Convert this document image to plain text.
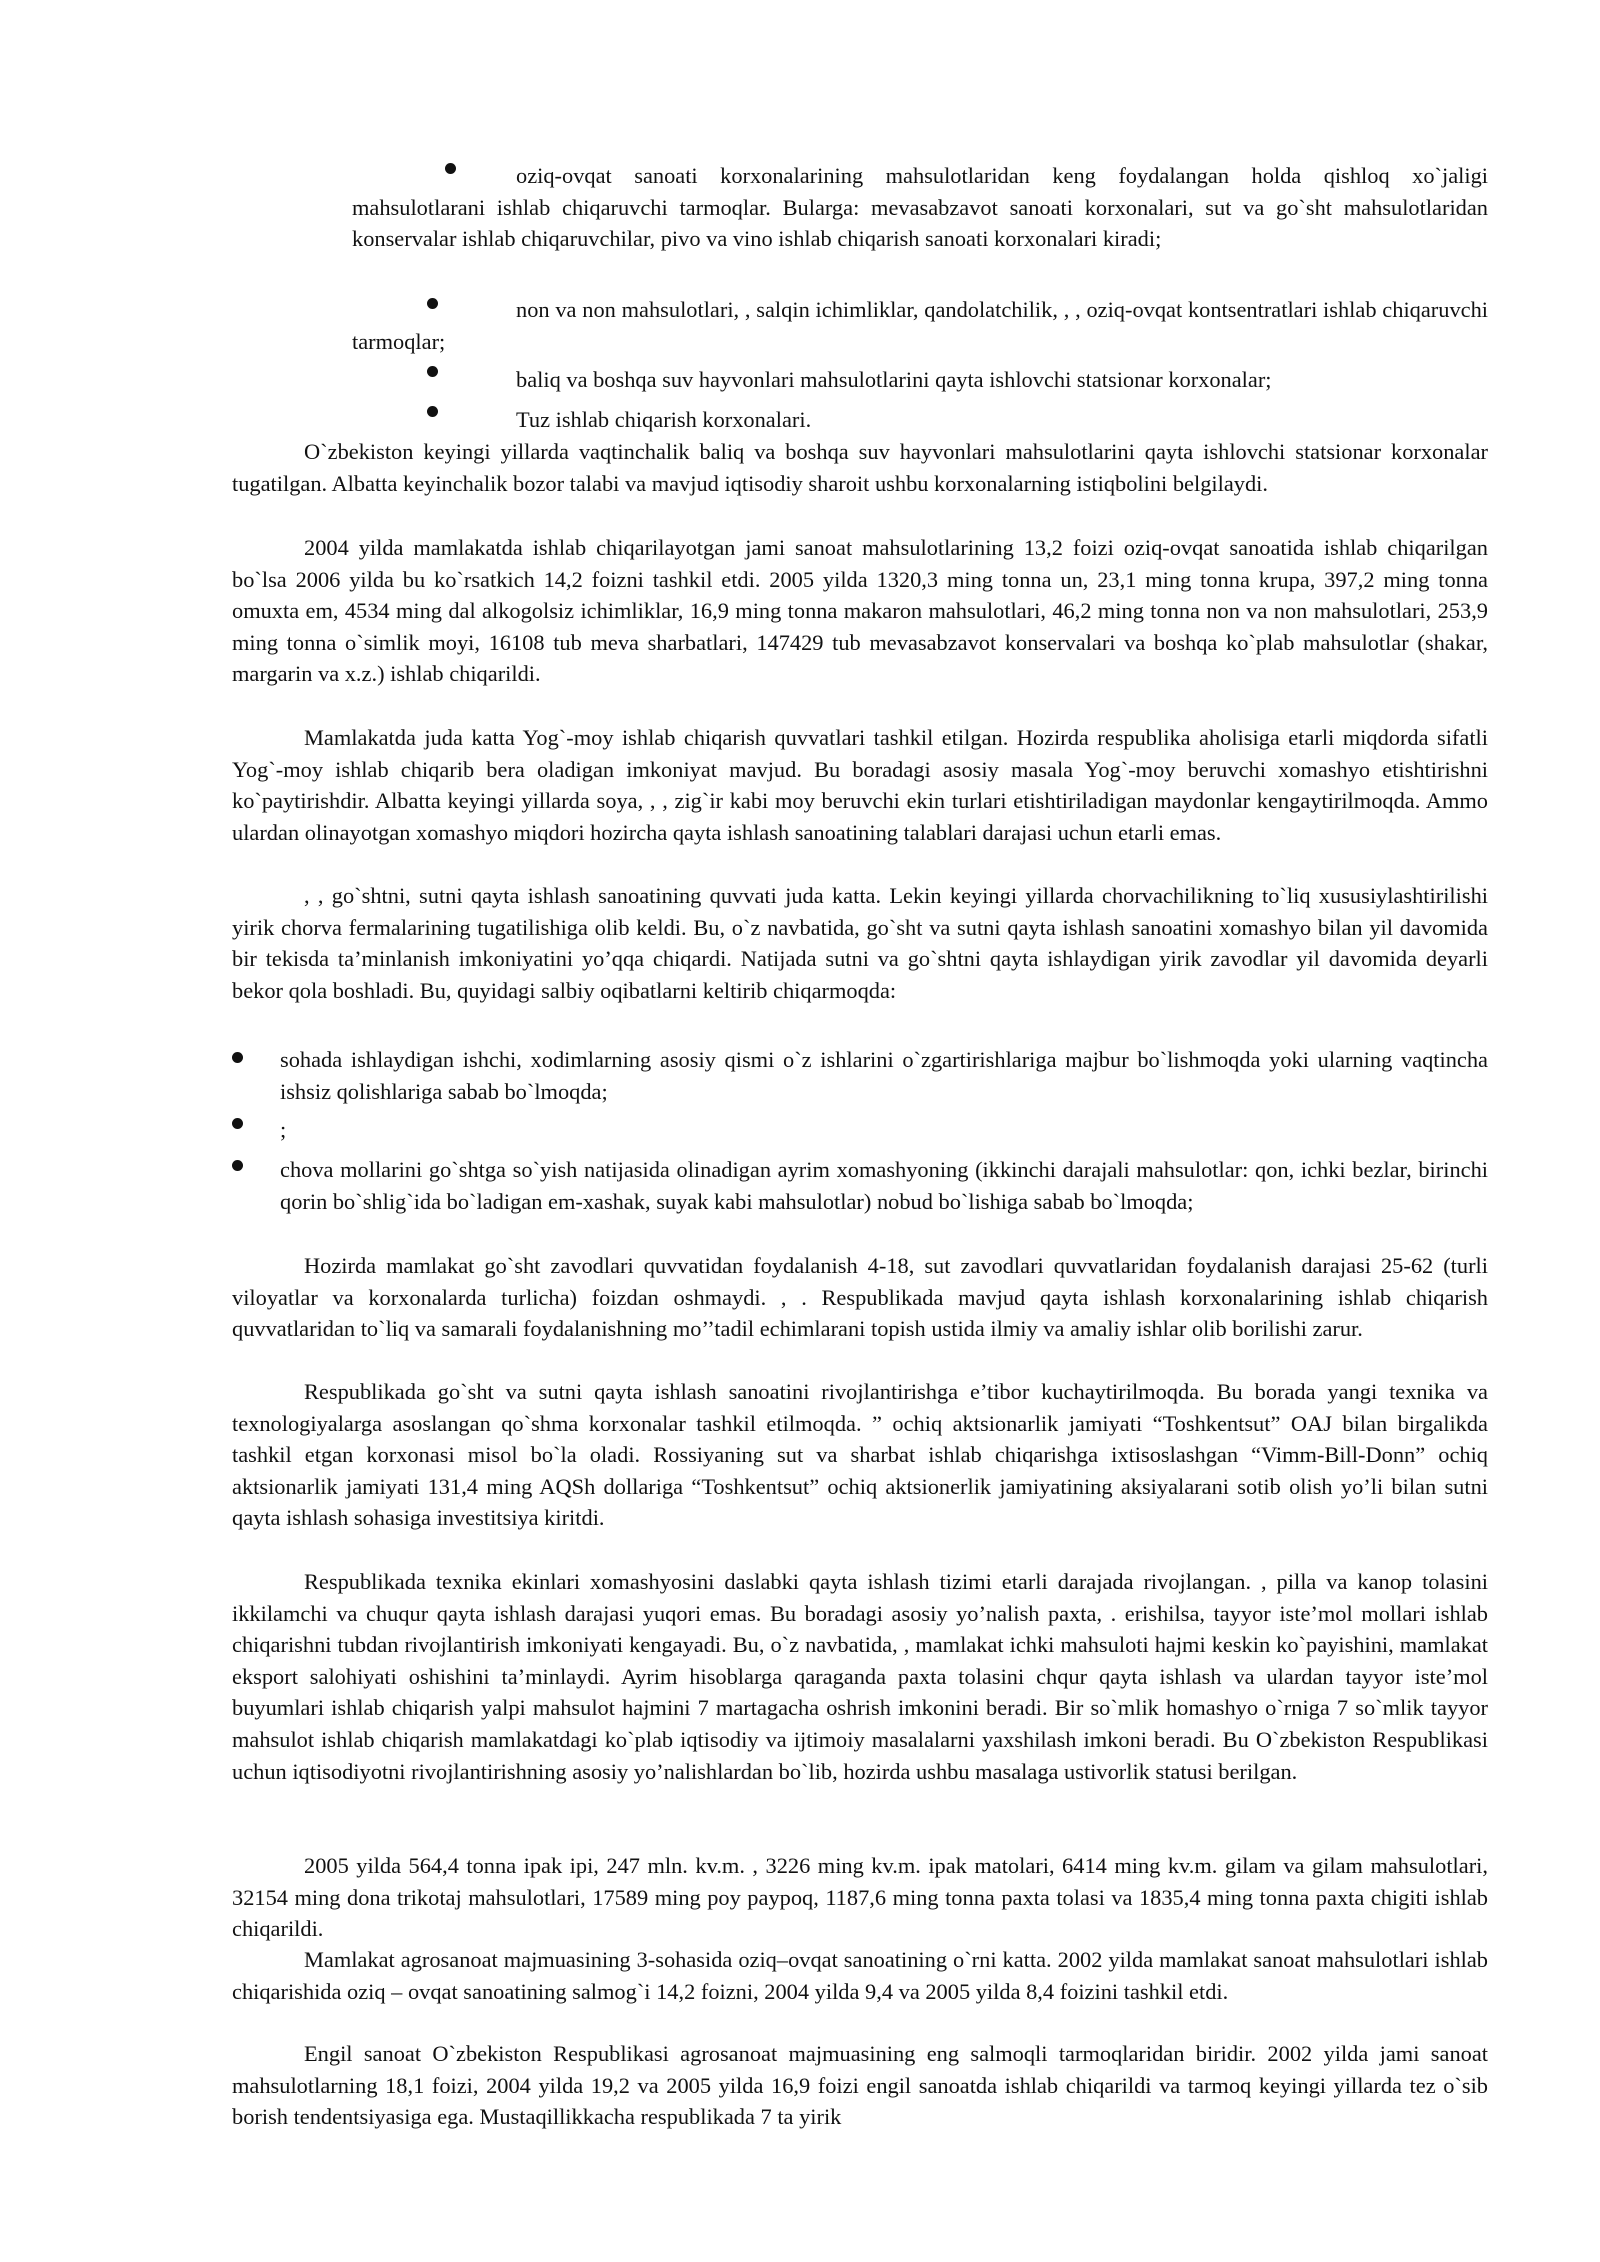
oziq-ovqat sanoati korxonalarining mahsulotlaridan keng foydalangan holda qishloq xo`jaligi mahsulotlarani ishlab chiqaruvchi tarmoqlar. Bularga: mevasabzavot sanoati korxonalari, sut va go`sht mahsulotlaridan konservalar ishlab chiqaruvchilar, pivo va vino ishlab chiqarish sanoati korxonalari kiradi;

non va non mahsulotlari, , salqin ichimliklar, qandolatchilik, , , oziq-ovqat kontsentratlari ishlab chiqaruvchi tarmoqlar;

baliq va boshqa suv hayvonlari mahsulotlarini qayta ishlovchi statsionar korxonalar;

Tuz ishlab chiqarish korxonalari.

O`zbekiston keyingi yillarda vaqtinchalik baliq va boshqa suv hayvonlari mahsulotlarini qayta ishlovchi statsionar korxonalar tugatilgan. Albatta keyinchalik bozor talabi va mavjud iqtisodiy sharoit ushbu korxonalarning istiqbolini belgilaydi.

2004 yilda mamlakatda ishlab chiqarilayotgan jami sanoat mahsulotlarining 13,2 foizi oziq-ovqat sanoatida ishlab chiqarilgan bo`lsa 2006 yilda bu ko`rsatkich 14,2 foizni tashkil etdi. 2005 yilda 1320,3 ming tonna un, 23,1 ming tonna krupa, 397,2 ming tonna omuxta em, 4534 ming dal alkogolsiz ichimliklar, 16,9 ming tonna makaron mahsulotlari, 46,2 ming tonna non va non mahsulotlari, 253,9 ming tonna o`simlik moyi, 16108 tub meva sharbatlari, 147429 tub mevasabzavot konservalari va boshqa ko`plab mahsulotlar (shakar, margarin va x.z.) ishlab chiqarildi.

Mamlakatda juda katta Yog`-moy ishlab chiqarish quvvatlari tashkil etilgan. Hozirda respublika aholisiga etarli miqdorda sifatli Yog`-moy ishlab chiqarib bera oladigan imkoniyat mavjud. Bu boradagi asosiy masala Yog`-moy beruvchi xomashyo etishtirishni ko`paytirishdir. Albatta keyingi yillarda soya, , , zig`ir kabi moy beruvchi ekin turlari etishtiriladigan maydonlar kengaytirilmoqda. Ammo ulardan olinayotgan xomashyo miqdori hozircha qayta ishlash sanoatining talablari darajasi uchun etarli emas.

, , go`shtni, sutni qayta ishlash sanoatining quvvati juda katta. Lekin keyingi yillarda chorvachilikning to`liq xususiylashtirilishi yirik chorva fermalarining tugatilishiga olib keldi. Bu, o`z navbatida, go`sht va sutni qayta ishlash sanoatini xomashyo bilan yil davomida bir tekisda ta’minlanish imkoniyatini yo’qqa chiqardi. Natijada sutni va go`shtni qayta ishlaydigan yirik zavodlar yil davomida deyarli bekor qola boshladi. Bu, quyidagi salbiy oqibatlarni keltirib chiqarmoqda:

sohada ishlaydigan ishchi, xodimlarning asosiy qismi o`z ishlarini o`zgartirishlariga majbur bo`lishmoqda yoki ularning vaqtincha ishsiz qolishlariga sabab bo`lmoqda;

;

chova mollarini go`shtga so`yish natijasida olinadigan ayrim xomashyoning (ikkinchi darajali mahsulotlar: qon, ichki bezlar, birinchi qorin bo`shlig`ida bo`ladigan em-xashak, suyak kabi mahsulotlar) nobud bo`lishiga sabab bo`lmoqda;

Hozirda mamlakat go`sht zavodlari quvvatidan foydalanish 4-18, sut zavodlari quvvatlaridan foydalanish darajasi 25-62 (turli viloyatlar va korxonalarda turlicha) foizdan oshmaydi. , . Respublikada mavjud qayta ishlash korxonalarining ishlab chiqarish quvvatlaridan to`liq va samarali foydalanishning mo’’tadil echimlarani topish ustida ilmiy va amaliy ishlar olib borilishi zarur.

Respublikada go`sht va sutni qayta ishlash sanoatini rivojlantirishga e’tibor kuchaytirilmoqda. Bu borada yangi texnika va texnologiyalarga asoslangan qo`shma korxonalar tashkil etilmoqda. ” ochiq aktsionarlik jamiyati “Toshkentsut” OAJ bilan birgalikda tashkil etgan korxonasi misol bo`la oladi. Rossiyaning sut va sharbat ishlab chiqarishga ixtisoslashgan “Vimm-Bill-Donn” ochiq aktsionarlik jamiyati 131,4 ming AQSh dollariga “Toshkentsut” ochiq aktsionerlik jamiyatining aksiyalarani sotib olish yo’li bilan sutni qayta ishlash sohasiga investitsiya kiritdi.

Respublikada texnika ekinlari xomashyosini daslabki qayta ishlash tizimi etarli darajada rivojlangan. , pilla va kanop tolasini ikkilamchi va chuqur qayta ishlash darajasi yuqori emas. Bu boradagi asosiy yo’nalish paxta, . erishilsa, tayyor iste’mol mollari ishlab chiqarishni tubdan rivojlantirish imkoniyati kengayadi. Bu, o`z navbatida, , mamlakat ichki mahsuloti hajmi keskin ko`payishini, mamlakat eksport salohiyati oshishini ta’minlaydi. Ayrim hisoblarga qaraganda paxta tolasini chqur qayta ishlash va ulardan tayyor iste’mol buyumlari ishlab chiqarish yalpi mahsulot hajmini 7 martagacha oshrish imkonini beradi. Bir so`mlik homashyo o`rniga 7 so`mlik tayyor mahsulot ishlab chiqarish mamlakatdagi ko`plab iqtisodiy va ijtimoiy masalalarni yaxshilash imkoni beradi. Bu O`zbekiston Respublikasi uchun iqtisodiyotni rivojlantirishning asosiy yo’nalishlardan bo`lib, hozirda ushbu masalaga ustivorlik statusi berilgan.

2005 yilda 564,4 tonna ipak ipi, 247 mln. kv.m. , 3226 ming kv.m. ipak matolari, 6414 ming kv.m. gilam va gilam mahsulotlari, 32154 ming dona trikotaj mahsulotlari, 17589 ming poy paypoq, 1187,6 ming tonna paxta tolasi va 1835,4 ming tonna paxta chigiti ishlab chiqarildi.

Mamlakat agrosanoat majmuasining 3-sohasida oziq–ovqat sanoatining o`rni katta. 2002 yilda mamlakat sanoat mahsulotlari ishlab chiqarishida oziq – ovqat sanoatining salmog`i 14,2 foizni, 2004 yilda 9,4 va 2005 yilda 8,4 foizini tashkil etdi.

Engil sanoat O`zbekiston Respublikasi agrosanoat majmuasining eng salmoqli tarmoqlaridan biridir. 2002 yilda jami sanoat mahsulotlarning 18,1 foizi, 2004 yilda 19,2 va 2005 yilda 16,9 foizi engil sanoatda ishlab chiqarildi va tarmoq keyingi yillarda tez o`sib borish tendentsiyasiga ega. Mustaqillikkacha respublikada 7 ta yirik
